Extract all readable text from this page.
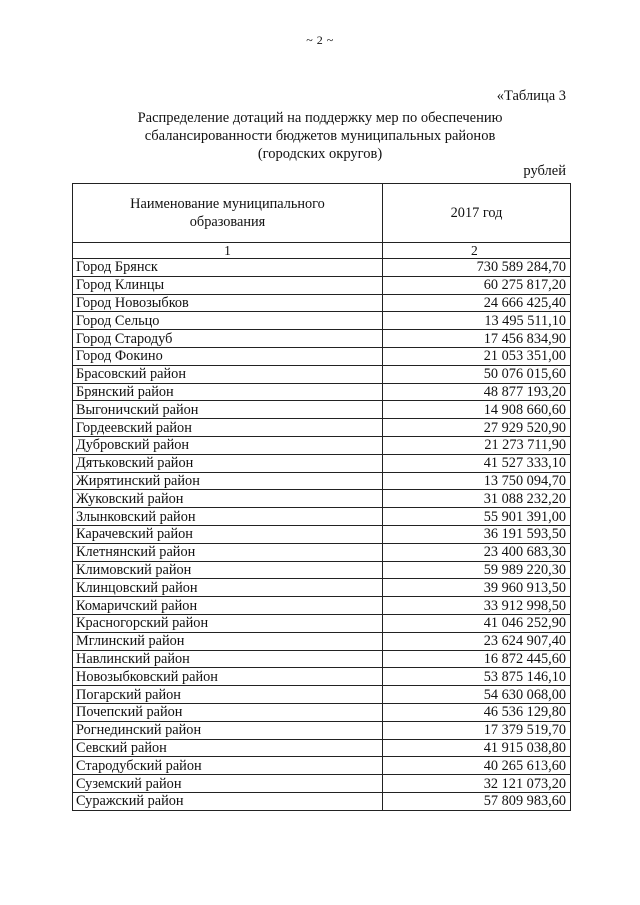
~ 2 ~
«Таблица 3
Распределение дотаций на поддержку мер по обеспечению
сбалансированности бюджетов муниципальных районов
(городских округов)
рублей
Наименование муниципального образования	2017 год
1	2
Город Брянск	730 589 284,70
Город Клинцы	60 275 817,20
Город Новозыбков	24 666 425,40
Город Сельцо	13 495 511,10
Город Стародуб	17 456 834,90
Город Фокино	21 053 351,00
Брасовский район	50 076 015,60
Брянский район	48 877 193,20
Выгоничский район	14 908 660,60
Гордеевский район	27 929 520,90
Дубровский район	21 273 711,90
Дятьковский район	41 527 333,10
Жирятинский район	13 750 094,70
Жуковский район	31 088 232,20
Злынковский район	55 901 391,00
Карачевский район	36 191 593,50
Клетнянский район	23 400 683,30
Климовский район	59 989 220,30
Клинцовский район	39 960 913,50
Комаричский район	33 912 998,50
Красногорский район	41 046 252,90
Мглинский район	23 624 907,40
Навлинский район	16 872 445,60
Новозыбковский район	53 875 146,10
Погарский район	54 630 068,00
Почепский район	46 536 129,80
Рогнединский район	17 379 519,70
Севский район	41 915 038,80
Стародубский район	40 265 613,60
Суземский район	32 121 073,20
Суражский район	57 809 983,60
